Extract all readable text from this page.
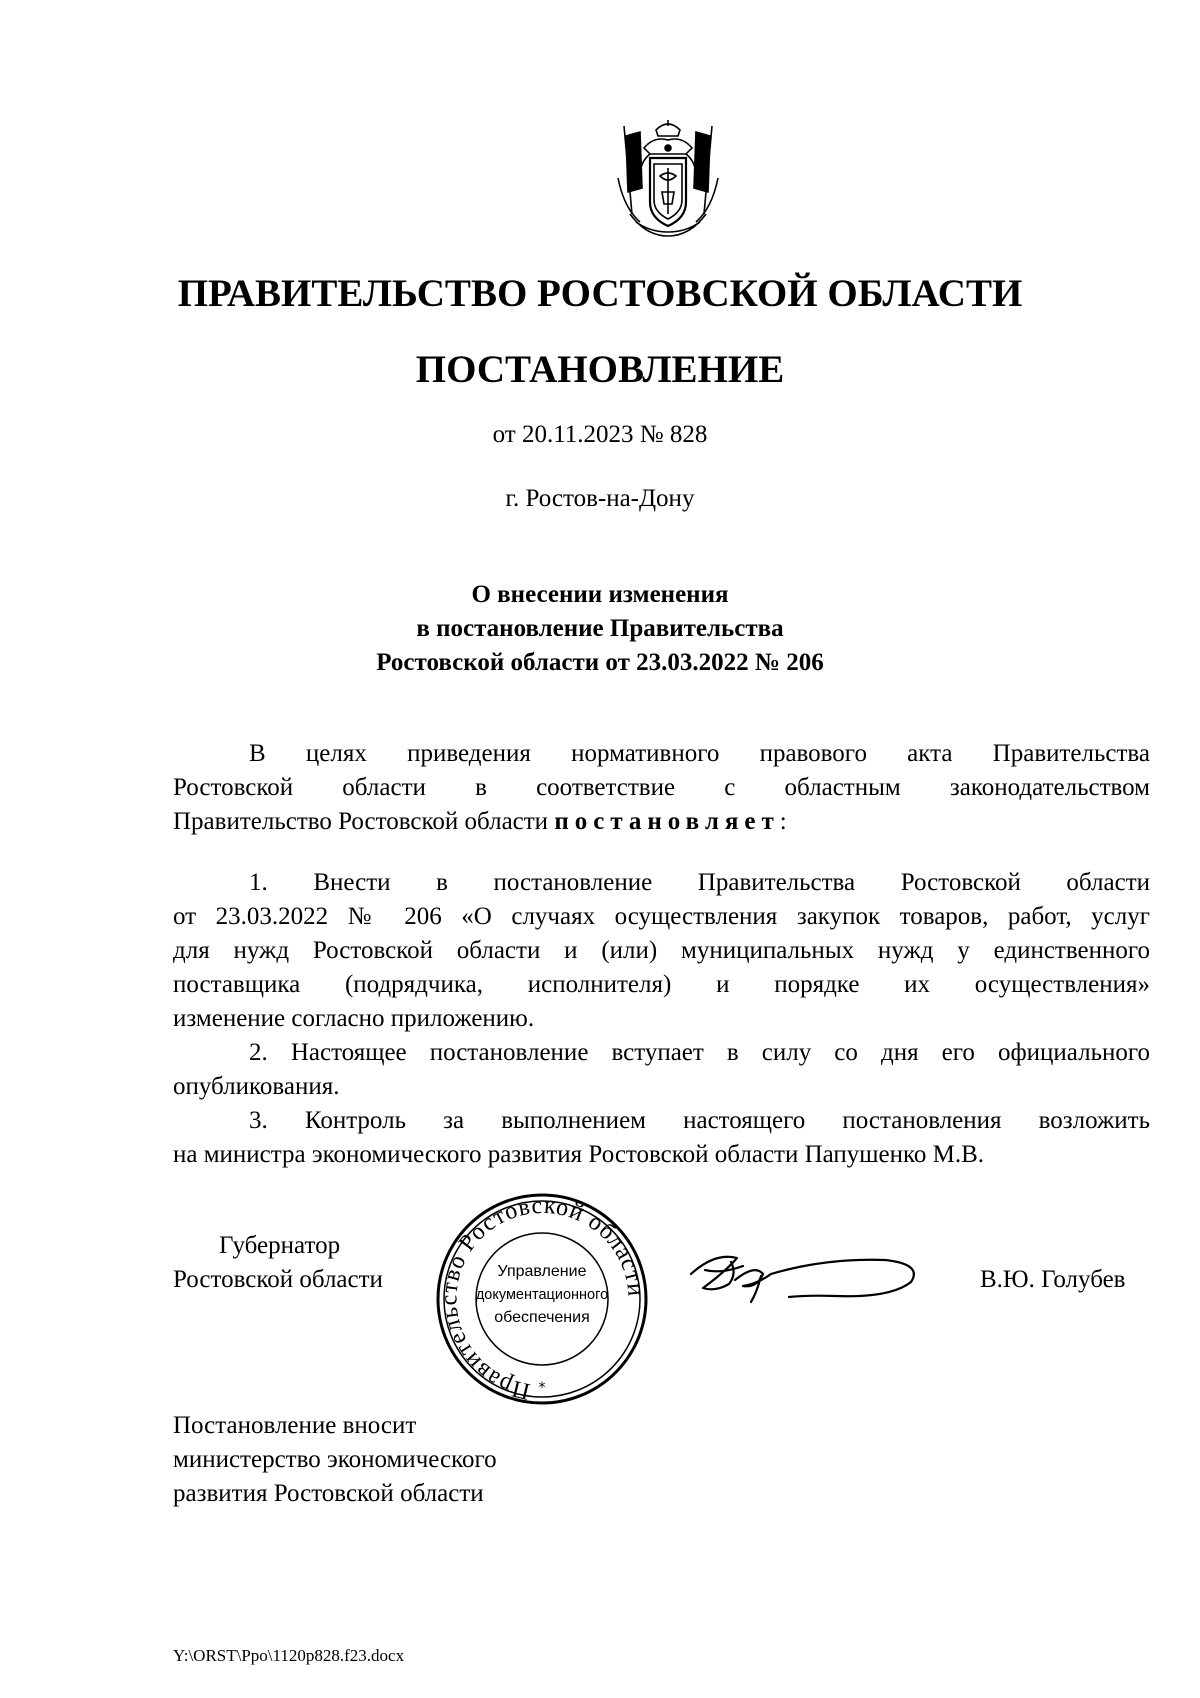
ПРАВИТЕЛЬСТВО РОСТОВСКОЙ ОБЛАСТИ
ПОСТАНОВЛЕНИЕ
от 20.11.2023 № 828
г. Ростов-на-Дону
О внесении изменения
в постановление Правительства
Ростовской области от 23.03.2022 № 206
В целях приведения нормативного правового акта Правительства
Ростовской области в соответствие с областным законодательством
Правительство Ростовской области постановляет:
1. Внести в постановление Правительства Ростовской области
от 23.03.2022 № 206 «О случаях осуществления закупок товаров, работ, услуг
для нужд Ростовской области и (или) муниципальных нужд у единственного
поставщика (подрядчика, исполнителя) и порядке их осуществления»
изменение согласно приложению.
2. Настоящее постановление вступает в силу со дня его официального
опубликования.
3. Контроль за выполнением настоящего постановления возложить
на министра экономического развития Ростовской области Папушенко М.В.
Губернатор
Ростовской области
Правительство Ростовской области
Управление
документационного
обеспечения
*
В.Ю. Голубев
Постановление вносит
министерство экономического
развития Ростовской области
Y:\ORST\Ppo\1120p828.f23.docx
